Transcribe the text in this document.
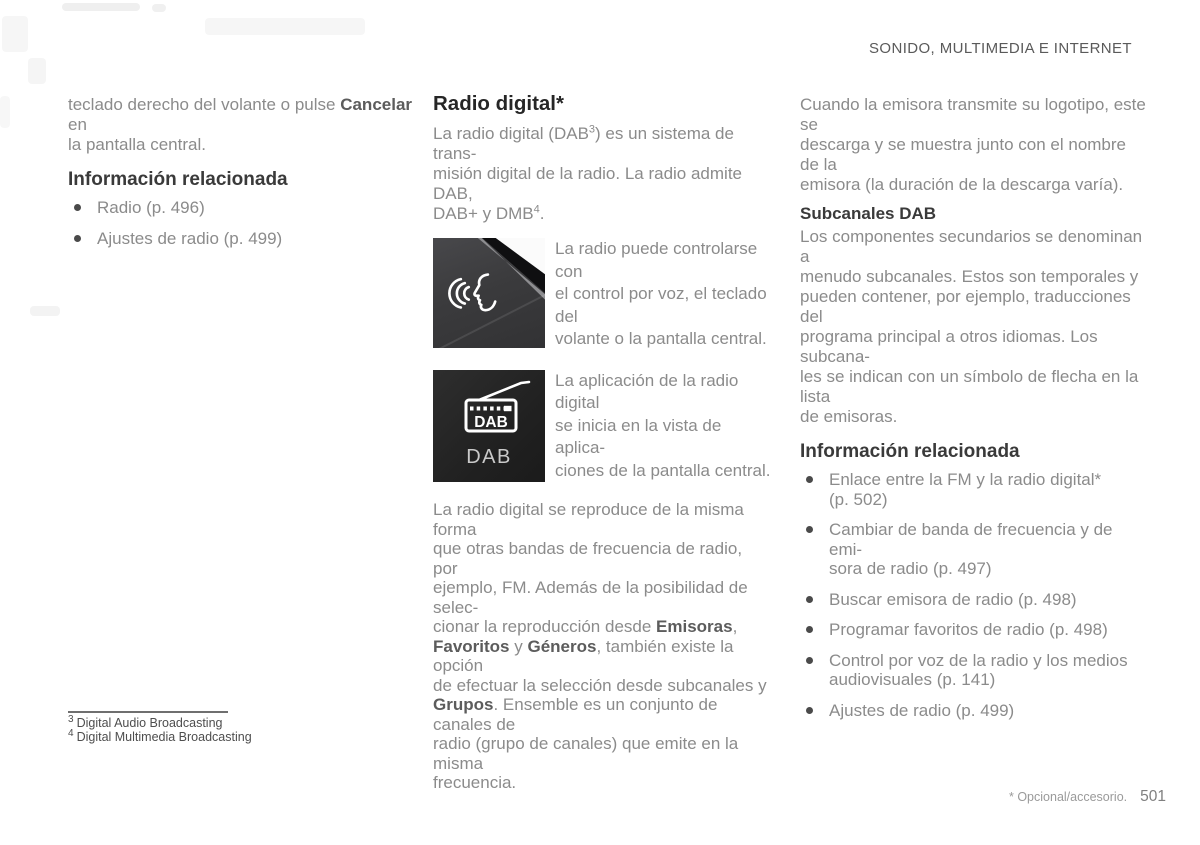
SONIDO, MULTIMEDIA E INTERNET

teclado derecho del volante o pulse Cancelar en
la pantalla central.

Información relacionada
Radio (p. 496)
Ajustes de radio (p. 499)
Radio digital*

La radio digital (DAB$^3$) es un sistema de trans-
misión digital de la radio. La radio admite DAB,
DAB+ y DMB$^4$.

La radio puede controlarse con
el control por voz, el teclado del
volante o la pantalla central.
DAB
DAB
La aplicación de la radio digital
se inicia en la vista de aplica-
ciones de la pantalla central.

La radio digital se reproduce de la misma forma
que otras bandas de frecuencia de radio, por
ejemplo, FM. Además de la posibilidad de selec-
cionar la reproducción desde Emisoras,
Favoritos y Géneros, también existe la opción
de efectuar la selección desde subcanales y
Grupos. Ensemble es un conjunto de canales de
radio (grupo de canales) que emite en la misma
frecuencia.

Cuando la emisora transmite su logotipo, este se
descarga y se muestra junto con el nombre de la
emisora (la duración de la descarga varía).

Subcanales DAB

Los componentes secundarios se denominan a
menudo subcanales. Estos son temporales y
pueden contener, por ejemplo, traducciones del
programa principal a otros idiomas. Los subcana-
les se indican con un símbolo de flecha en la lista
de emisoras.

Información relacionada
Enlace entre la FM y la radio digital*
(p. 502)
Cambiar de banda de frecuencia y de emi-
sora de radio (p. 497)
Buscar emisora de radio (p. 498)
Programar favoritos de radio (p. 498)
Control por voz de la radio y los medios
audiovisuales (p. 141)
Ajustes de radio (p. 499)
$^3$ Digital Audio Broadcasting
$^4$ Digital Multimedia Broadcasting
* Opcional/accesorio. 501
